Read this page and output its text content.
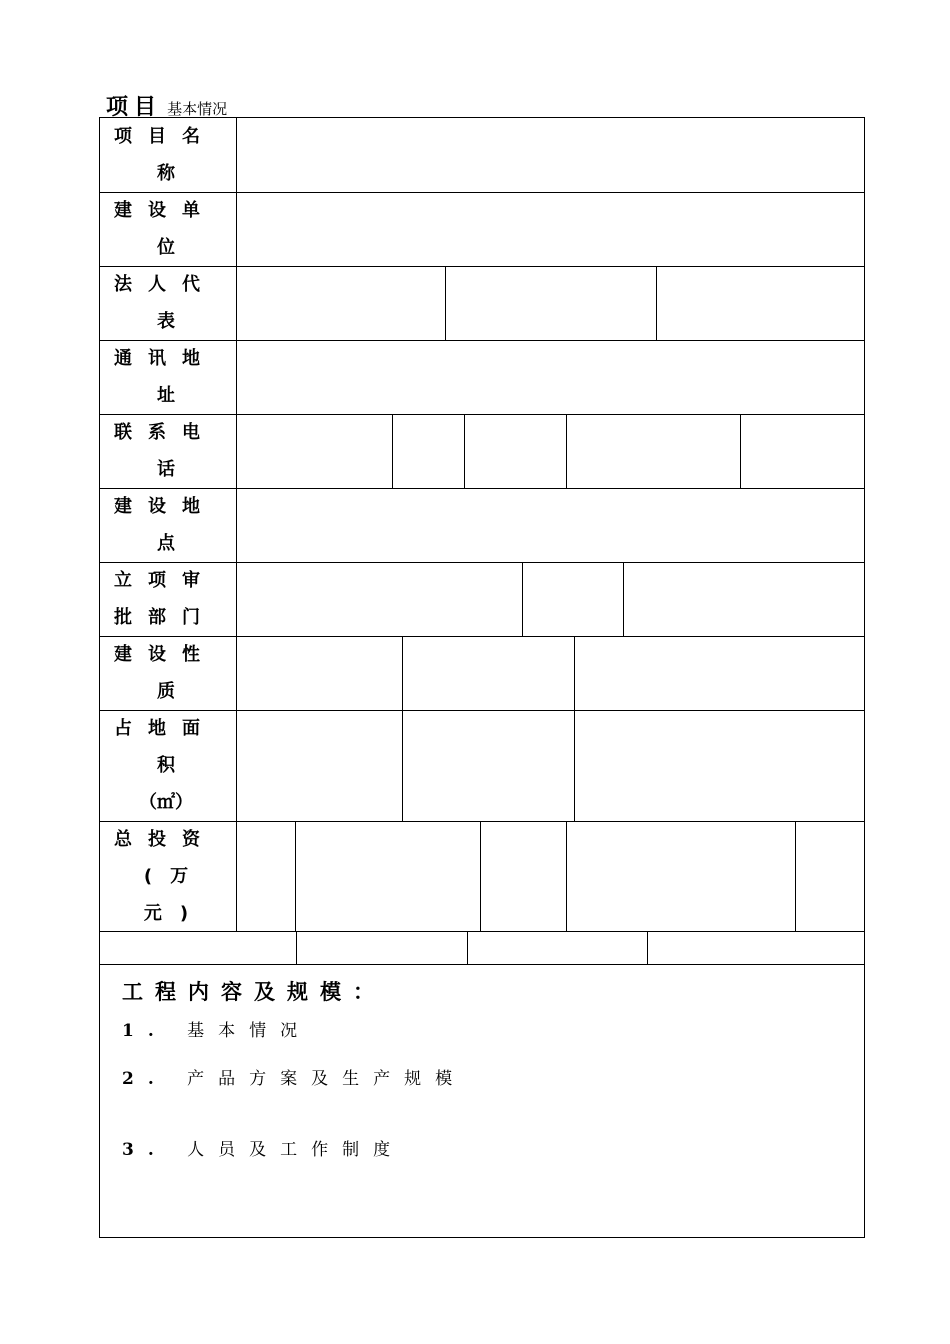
项目 基本情况
项目名
称
建设单
位
法人代
表
通讯地
址
联系电
话
建设地
点
立项审
批部门
建设性
质
占地面
积
（㎡）
总投资
(　万
元　)
工程内容及规模：
1. 基本情况
2. 产品方案及生产规模
3. 人员及工作制度
